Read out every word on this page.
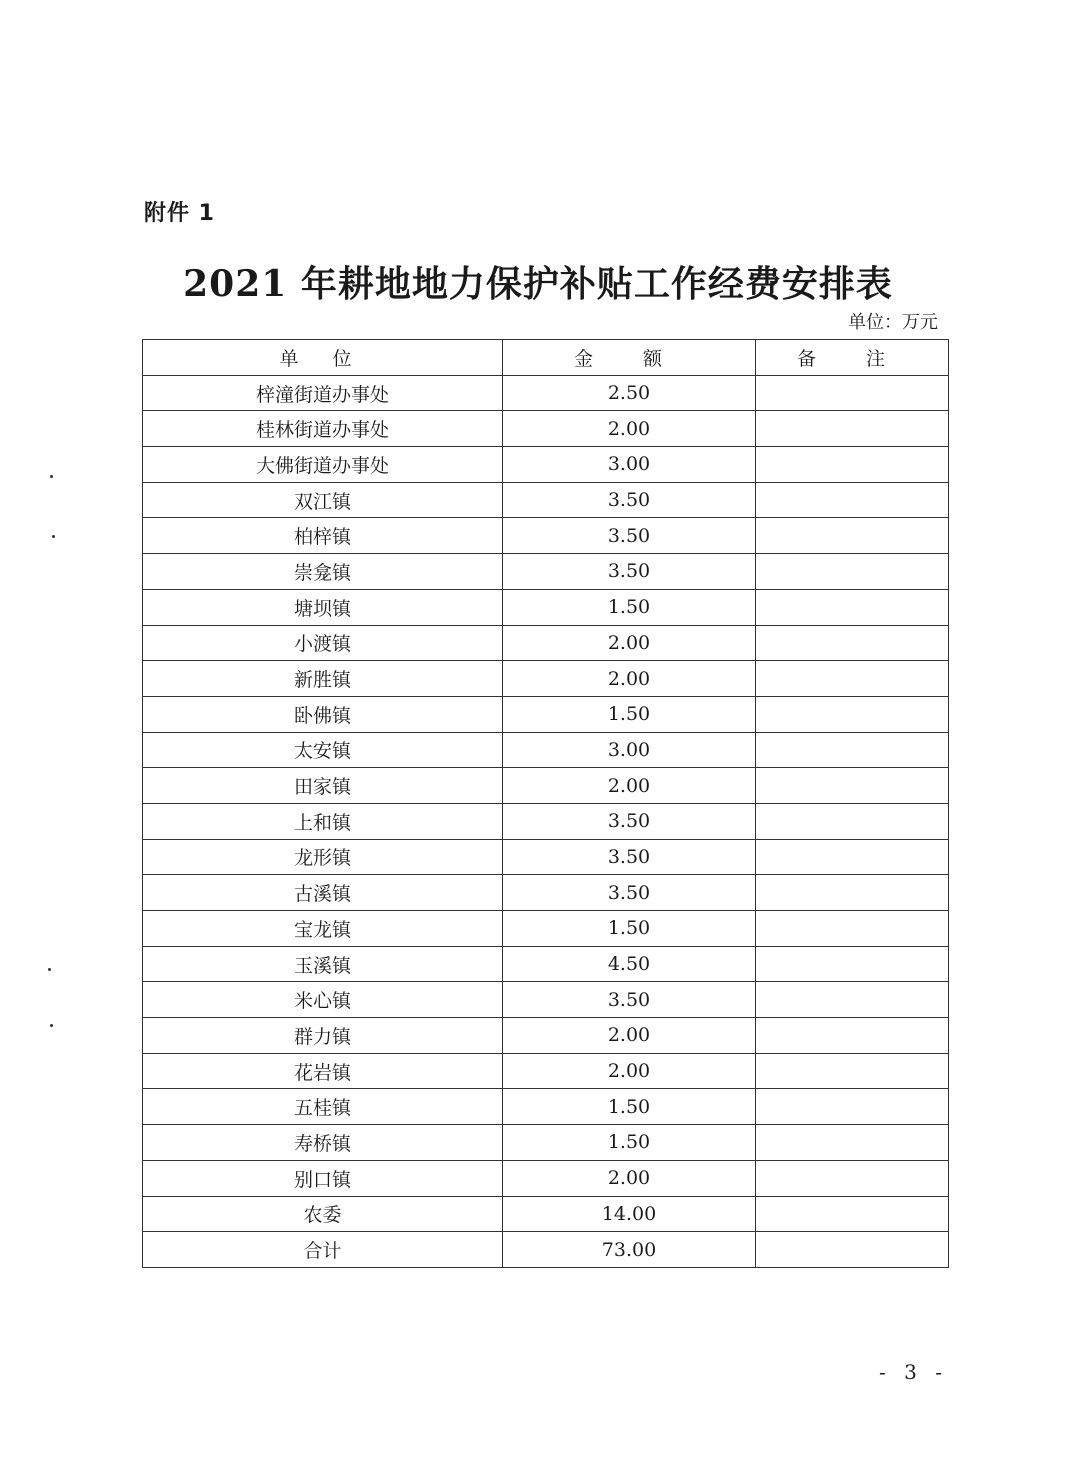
附件 1
2021 年耕地地力保护补贴工作经费安排表
单位：万元
单 位	金 额	备 注
梓潼街道办事处	2.50	
桂林街道办事处	2.00	
大佛街道办事处	3.00	
双江镇	3.50	
柏梓镇	3.50	
崇龛镇	3.50	
塘坝镇	1.50	
小渡镇	2.00	
新胜镇	2.00	
卧佛镇	1.50	
太安镇	3.00	
田家镇	2.00	
上和镇	3.50	
龙形镇	3.50	
古溪镇	3.50	
宝龙镇	1.50	
玉溪镇	4.50	
米心镇	3.50	
群力镇	2.00	
花岩镇	2.00	
五桂镇	1.50	
寿桥镇	1.50	
别口镇	2.00	
农委	14.00	
合计	73.00	
- 3 -
